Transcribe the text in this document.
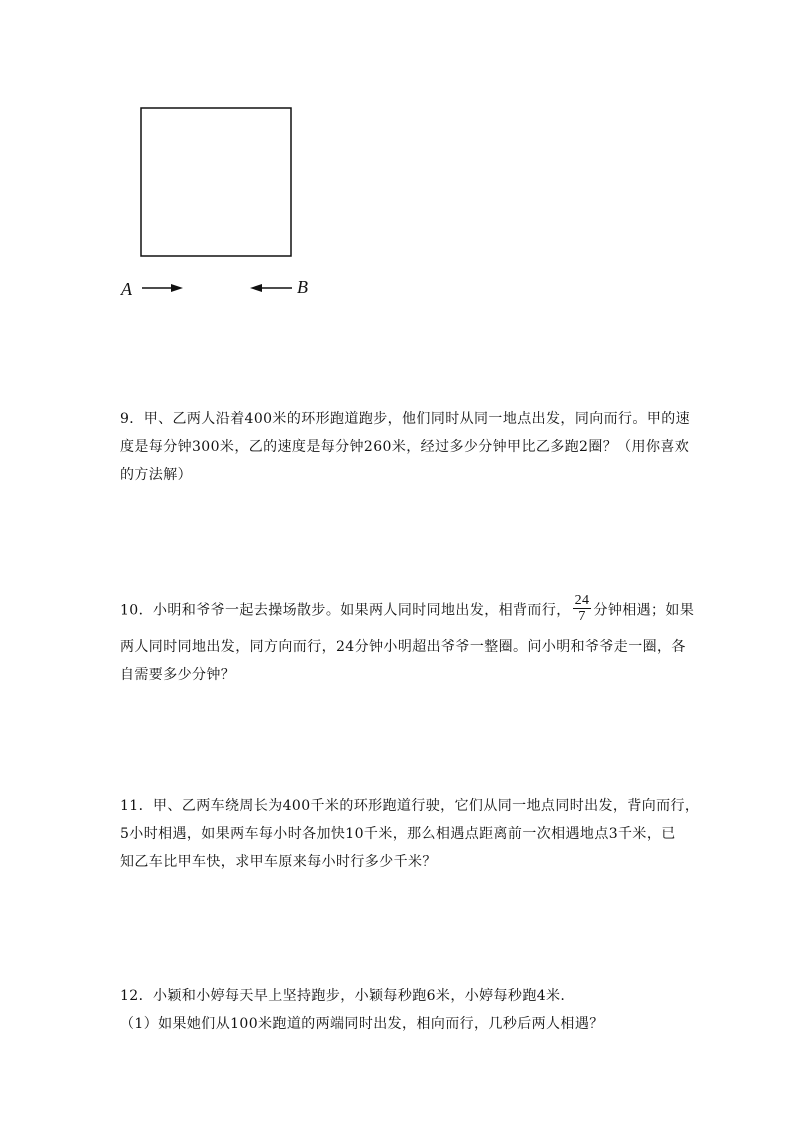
A	B

9．甲、乙两人沿着400米的环形跑道跑步，他们同时从同一地点出发，同向而行。甲的速

度是每分钟300米，乙的速度是每分钟260米，经过多少分钟甲比乙多跑2圈？（用你喜欢

的方法解）

10．小明和爷爷一起去操场散步。如果两人同时同地出发，相背而行， $\frac{24}{7}$ 分钟相遇；如果

两人同时同地出发，同方向而行，24分钟小明超出爷爷一整圈。问小明和爷爷走一圈，各

自需要多少分钟？

11．甲、乙两车绕周长为400千米的环形跑道行驶，它们从同一地点同时出发，背向而行，

5小时相遇，如果两车每小时各加快10千米，那么相遇点距离前一次相遇地点3千米，已

知乙车比甲车快，求甲车原来每小时行多少千米？

12．小颖和小婷每天早上坚持跑步，小颖每秒跑6米，小婷每秒跑4米.

（1）如果她们从100米跑道的两端同时出发，相向而行，几秒后两人相遇？
